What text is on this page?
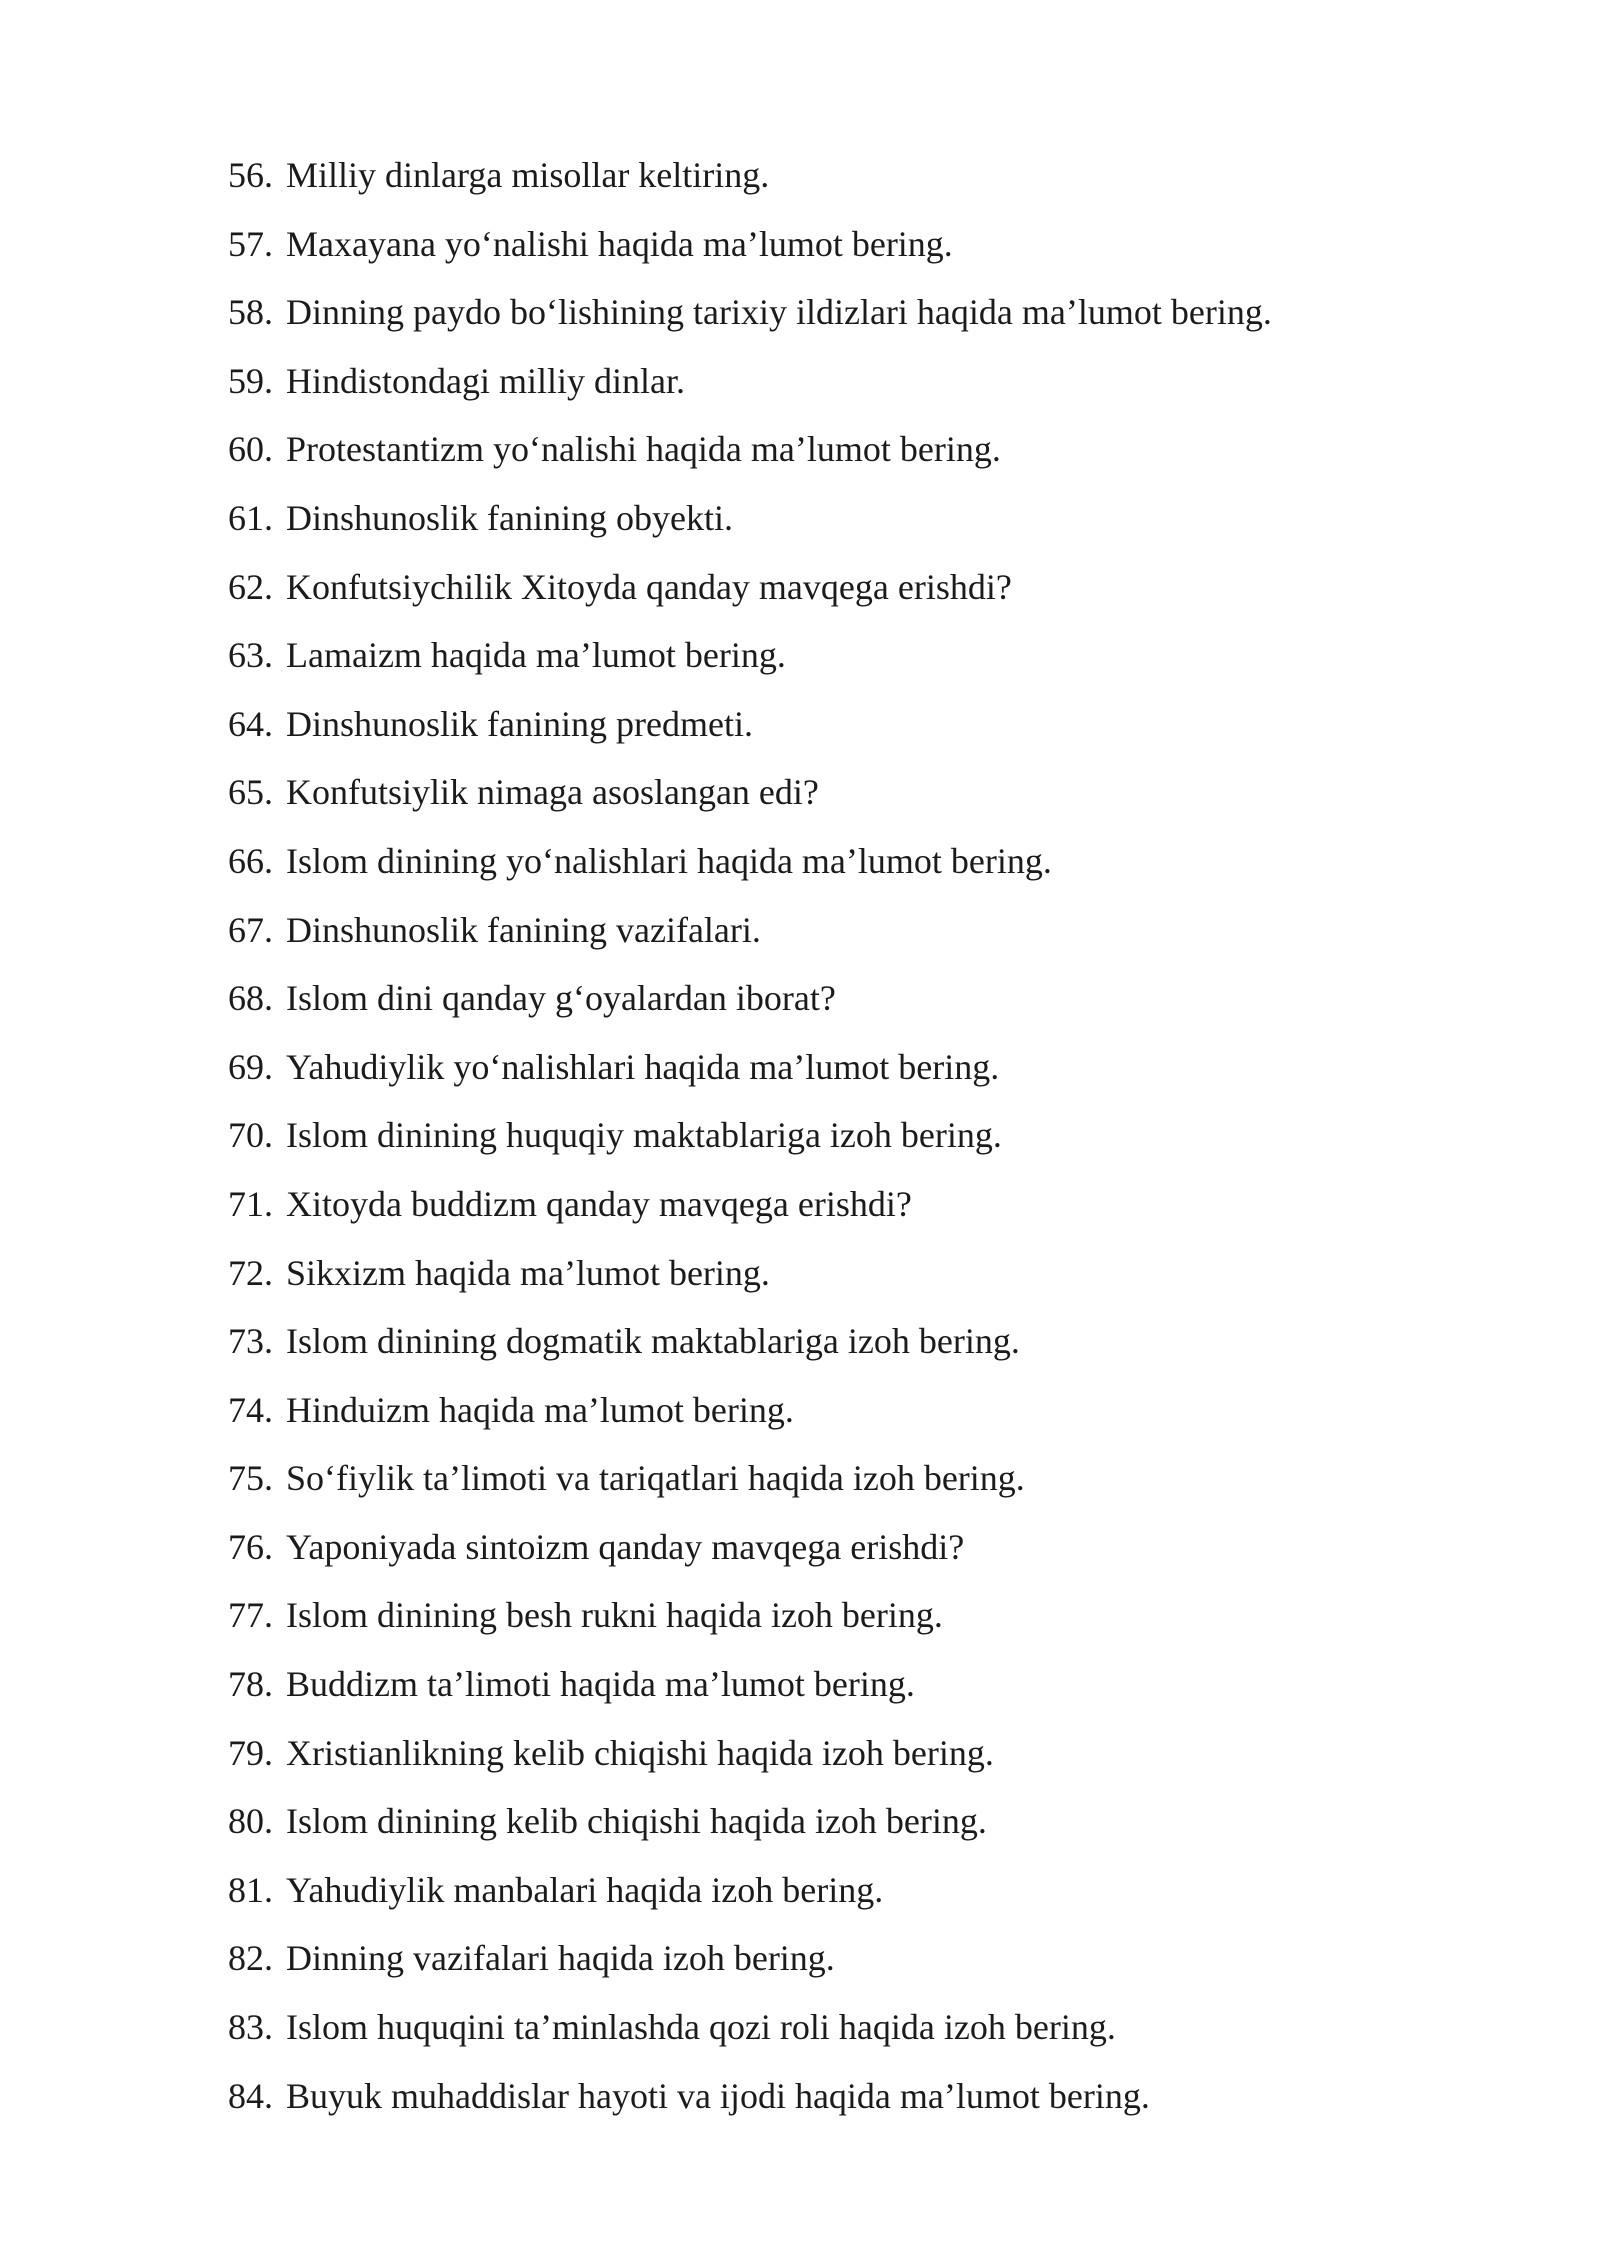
56. Milliy dinlarga misollar keltiring.
57. Maxayana yo‘nalishi haqida ma’lumot bering.
58. Dinning paydo bo‘lishining tarixiy ildizlari haqida ma’lumot bering.
59. Hindistondagi milliy dinlar.
60. Protestantizm yo‘nalishi haqida ma’lumot bering.
61. Dinshunoslik fanining obyekti.
62. Konfutsiychilik Xitoyda qanday mavqega erishdi?
63. Lamaizm haqida ma’lumot bering.
64. Dinshunoslik fanining predmeti.
65. Konfutsiylik nimaga asoslangan edi?
66. Islom dinining yo‘nalishlari haqida ma’lumot bering.
67. Dinshunoslik fanining vazifalari.
68. Islom dini qanday g‘oyalardan iborat?
69. Yahudiylik yo‘nalishlari haqida ma’lumot bering.
70. Islom dinining huquqiy maktablariga izoh bering.
71. Xitoyda buddizm qanday mavqega erishdi?
72. Sikxizm haqida ma’lumot bering.
73. Islom dinining dogmatik maktablariga izoh bering.
74. Hinduizm haqida ma’lumot bering.
75. So‘fiylik ta’limoti va tariqatlari haqida izoh bering.
76. Yaponiyada sintoizm qanday mavqega erishdi?
77. Islom dinining besh rukni haqida izoh bering.
78. Buddizm ta’limoti haqida ma’lumot bering.
79. Xristianlikning kelib chiqishi haqida izoh bering.
80. Islom dinining kelib chiqishi haqida izoh bering.
81. Yahudiylik manbalari haqida izoh bering.
82. Dinning vazifalari haqida izoh bering.
83. Islom huquqini ta’minlashda qozi roli haqida izoh bering.
84. Buyuk muhaddislar hayoti va ijodi haqida ma’lumot bering.
